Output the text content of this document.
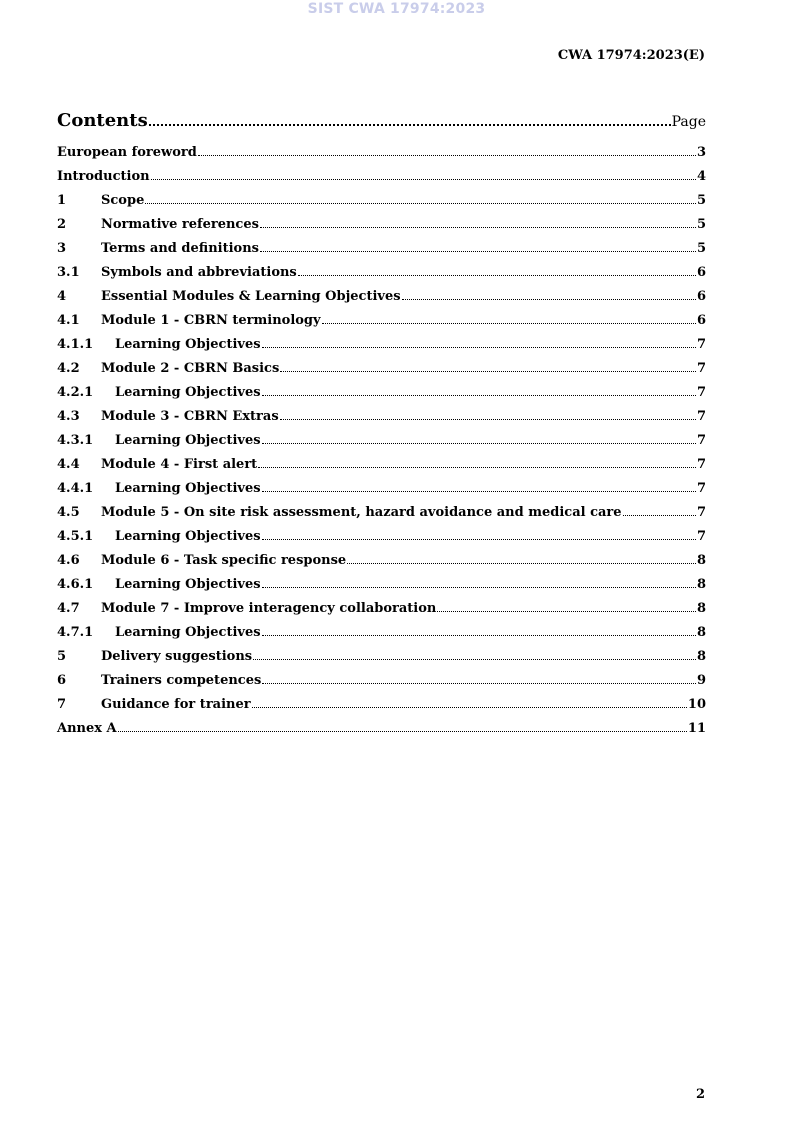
SIST CWA 17974:2023
CWA 17974:2023(E)
Contents	Page
European foreword	3
Introduction	4
1	Scope	5
2	Normative references	5
3	Terms and definitions	5
3.1	Symbols and abbreviations	6
4	Essential Modules & Learning Objectives	6
4.1	Module 1 - CBRN terminology	6
4.1.1	Learning Objectives	7
4.2	Module 2 - CBRN Basics	7
4.2.1	Learning Objectives	7
4.3	Module 3 - CBRN Extras	7
4.3.1	Learning Objectives	7
4.4	Module 4 - First alert	7
4.4.1	Learning Objectives	7
4.5	Module 5 - On site risk assessment, hazard avoidance and medical care	7
4.5.1	Learning Objectives	7
4.6	Module 6 - Task specific response	8
4.6.1	Learning Objectives	8
4.7	Module 7 - Improve interagency collaboration	8
4.7.1	Learning Objectives	8
5	Delivery suggestions	8
6	Trainers competences	9
7	Guidance for trainer	10
Annex A	11
2
